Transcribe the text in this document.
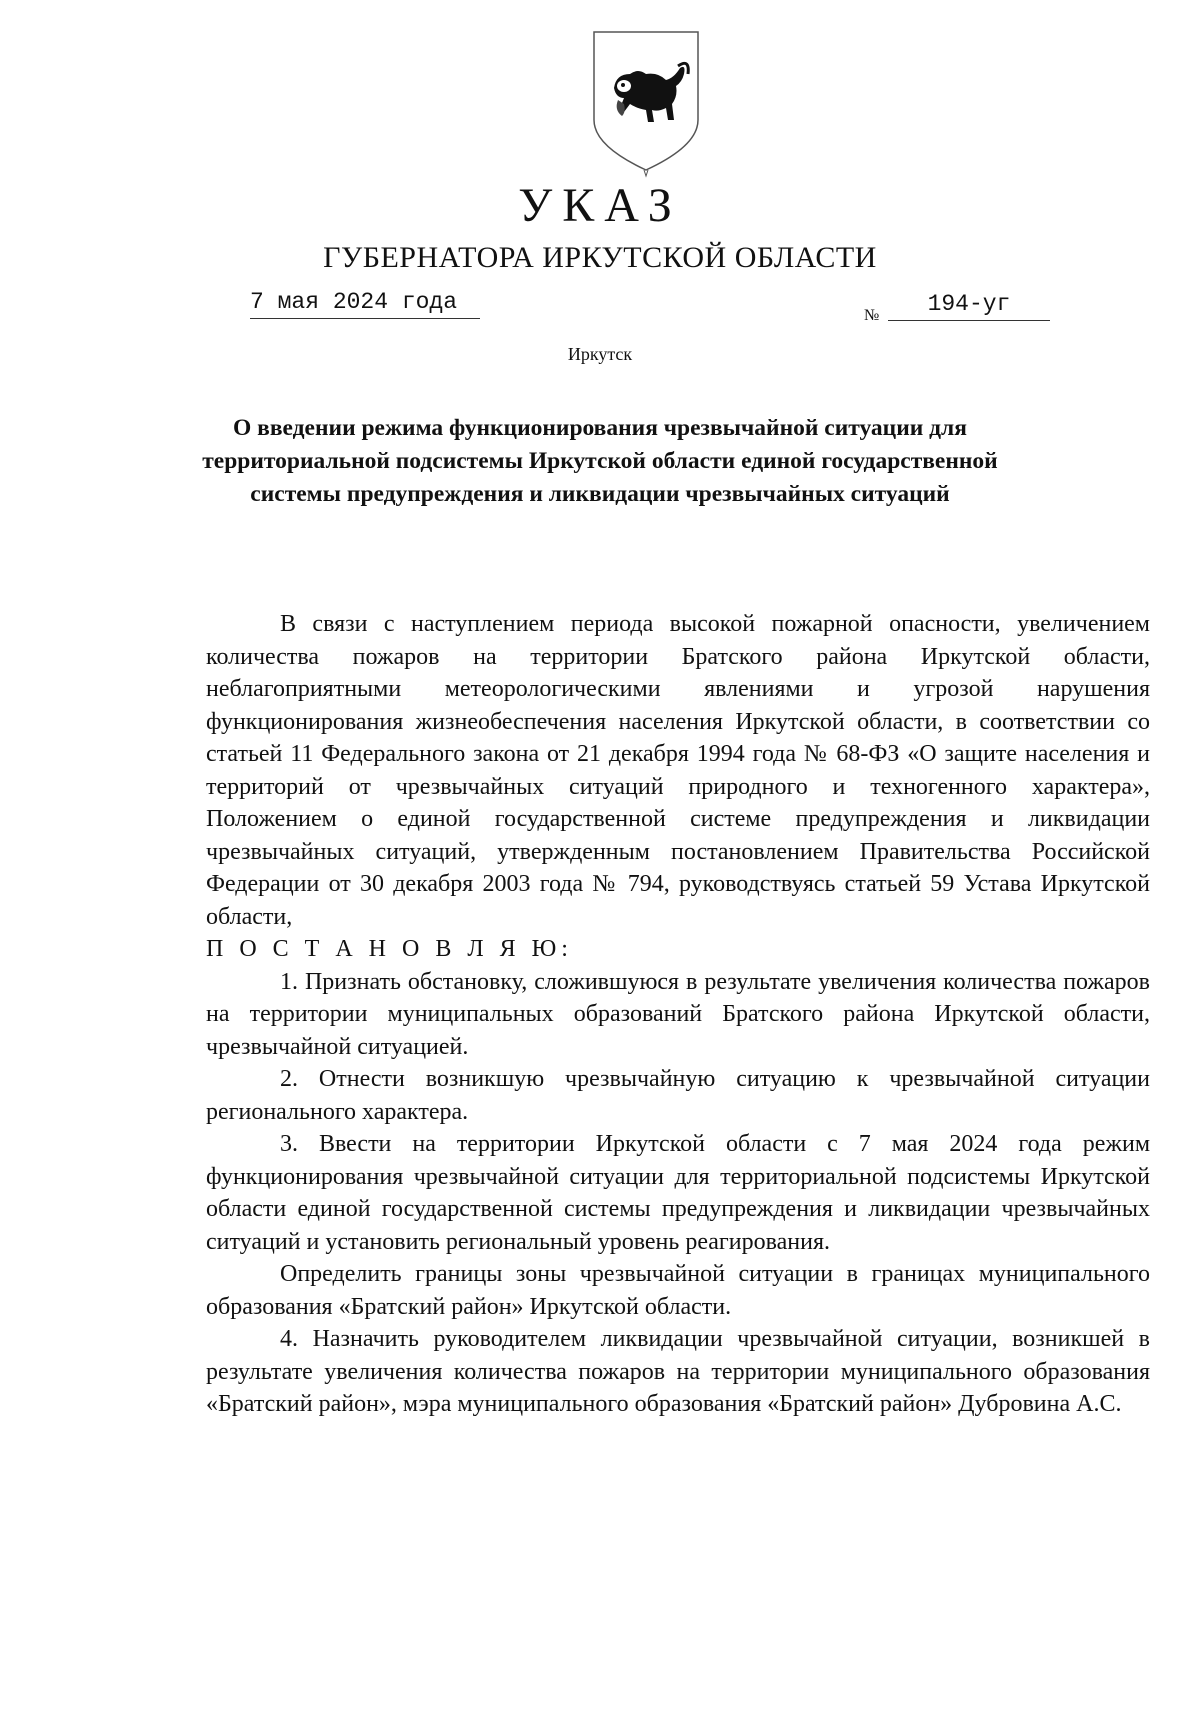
УКАЗ
ГУБЕРНАТОРА ИРКУТСКОЙ ОБЛАСТИ
7 мая 2024 года
№	194-уг
Иркутск
О введении режима функционирования чрезвычайной ситуации для территориальной подсистемы Иркутской области единой государственной системы предупреждения и ликвидации чрезвычайных ситуаций

В связи с наступлением периода высокой пожарной опасности, увеличением количества пожаров на территории Братского района Иркутской области, неблагоприятными метеорологическими явлениями и угрозой нарушения функционирования жизнеобеспечения населения Иркутской области, в соответствии со статьей 11 Федерального закона от 21 декабря 1994 года № 68-ФЗ «О защите населения и территорий от чрезвычайных ситуаций природного и техногенного характера», Положением о единой государственной системе предупреждения и ликвидации чрезвычайных ситуаций, утвержденным постановлением Правительства Российской Федерации от 30 декабря 2003 года № 794, руководствуясь статьей 59 Устава Иркутской области,

П О С Т А Н О В Л Я Ю:

1. Признать обстановку, сложившуюся в результате увеличения количества пожаров на территории муниципальных образований Братского района Иркутской области, чрезвычайной ситуацией.

2. Отнести возникшую чрезвычайную ситуацию к чрезвычайной ситуации регионального характера.

3. Ввести на территории Иркутской области с 7 мая 2024 года режим функционирования чрезвычайной ситуации для территориальной подсистемы Иркутской области единой государственной системы предупреждения и ликвидации чрезвычайных ситуаций и установить региональный уровень реагирования.

Определить границы зоны чрезвычайной ситуации в границах муниципального образования «Братский район» Иркутской области.

4. Назначить руководителем ликвидации чрезвычайной ситуации, возникшей в результате увеличения количества пожаров на территории муниципального образования «Братский район», мэра муниципального образования «Братский район» Дубровина А.С.
